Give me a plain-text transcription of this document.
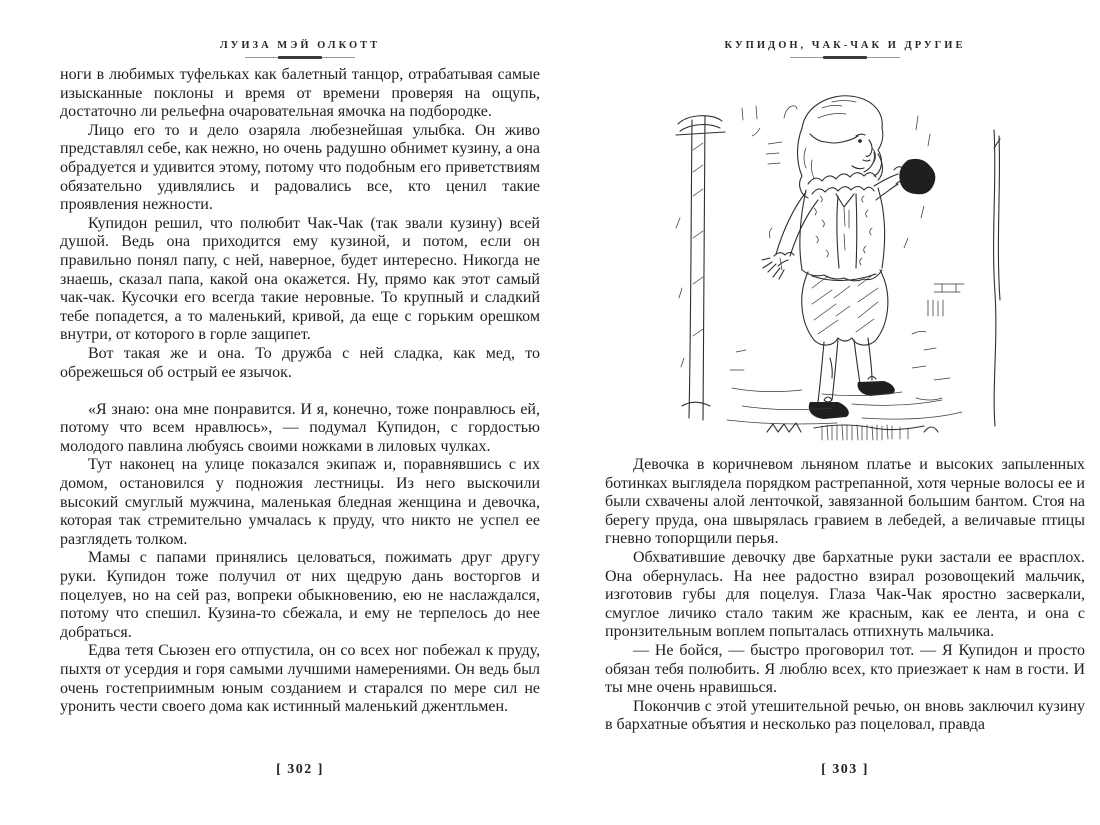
ЛУИЗА МЭЙ ОЛКОТТ

ноги в любимых туфельках как балетный танцор, отрабатывая самые изысканные поклоны и время от времени проверяя на ощупь, достаточно ли рельефна очаровательная ямочка на подбородке.

Лицо его то и дело озаряла любезнейшая улыбка. Он живо представлял себе, как нежно, но очень радушно обнимет кузину, а она обрадуется и удивится этому, потому что подобным его приветствиям обязательно удивлялись и радовались все, кто ценил такие проявления нежности.

Купидон решил, что полюбит Чак-Чак (так звали кузину) всей душой. Ведь она приходится ему кузиной, и потом, если он правильно понял папу, с ней, наверное, будет интересно. Никогда не знаешь, сказал папа, какой она окажется. Ну, прямо как этот самый чак-чак. Кусочки его всегда такие неровные. То крупный и сладкий тебе попадется, а то маленький, кривой, да еще с горьким орешком внутри, от которого в горле защипет.

Вот такая же и она. То дружба с ней сладка, как мед, то обрежешься об острый ее язычок.

«Я знаю: она мне понравится. И я, конечно, тоже понравлюсь ей, потому что всем нравлюсь», — подумал Купидон, с гордостью молодого павлина любуясь своими ножками в лиловых чулках.

Тут наконец на улице показался экипаж и, поравнявшись с их домом, остановился у подножия лестницы. Из него выскочили высокий смуглый мужчина, маленькая бледная женщина и девочка, которая так стремительно умчалась к пруду, что никто не успел ее разглядеть толком.

Мамы с папами принялись целоваться, пожимать друг другу руки. Купидон тоже получил от них щедрую дань восторгов и поцелуев, но на сей раз, вопреки обыкновению, ею не наслаждался, потому что спешил. Кузина-то сбежала, и ему не терпелось до нее добраться.

Едва тетя Сьюзен его отпустила, он со всех ног побежал к пруду, пыхтя от усердия и горя самыми лучшими намерениями. Он ведь был очень гостеприимным юным созданием и старался по мере сил не уронить чести своего дома как истинный маленький джентльмен.

[ 302 ]
КУПИДОН, ЧАК-ЧАК И ДРУГИЕ

Девочка в коричневом льняном платье и высоких запыленных ботинках выглядела порядком растрепанной, хотя черные волосы ее и были схвачены алой ленточкой, завязанной большим бантом. Стоя на берегу пруда, она швырялась гравием в лебедей, а величавые птицы гневно топорщили перья.

Обхватившие девочку две бархатные руки застали ее врасплох. Она обернулась. На нее радостно взирал розовощекий мальчик, изготовив губы для поцелуя. Глаза Чак-Чак яростно засверкали, смуглое личико стало таким же красным, как ее лента, и она с пронзительным воплем попыталась отпихнуть мальчика.

— Не бойся, — быстро проговорил тот. — Я Купидон и просто обязан тебя полюбить. Я люблю всех, кто приезжает к нам в гости. И ты мне очень нравишься.

Покончив с этой утешительной речью, он вновь заключил кузину в бархатные объятия и несколько раз поцеловал, правда

[ 303 ]
